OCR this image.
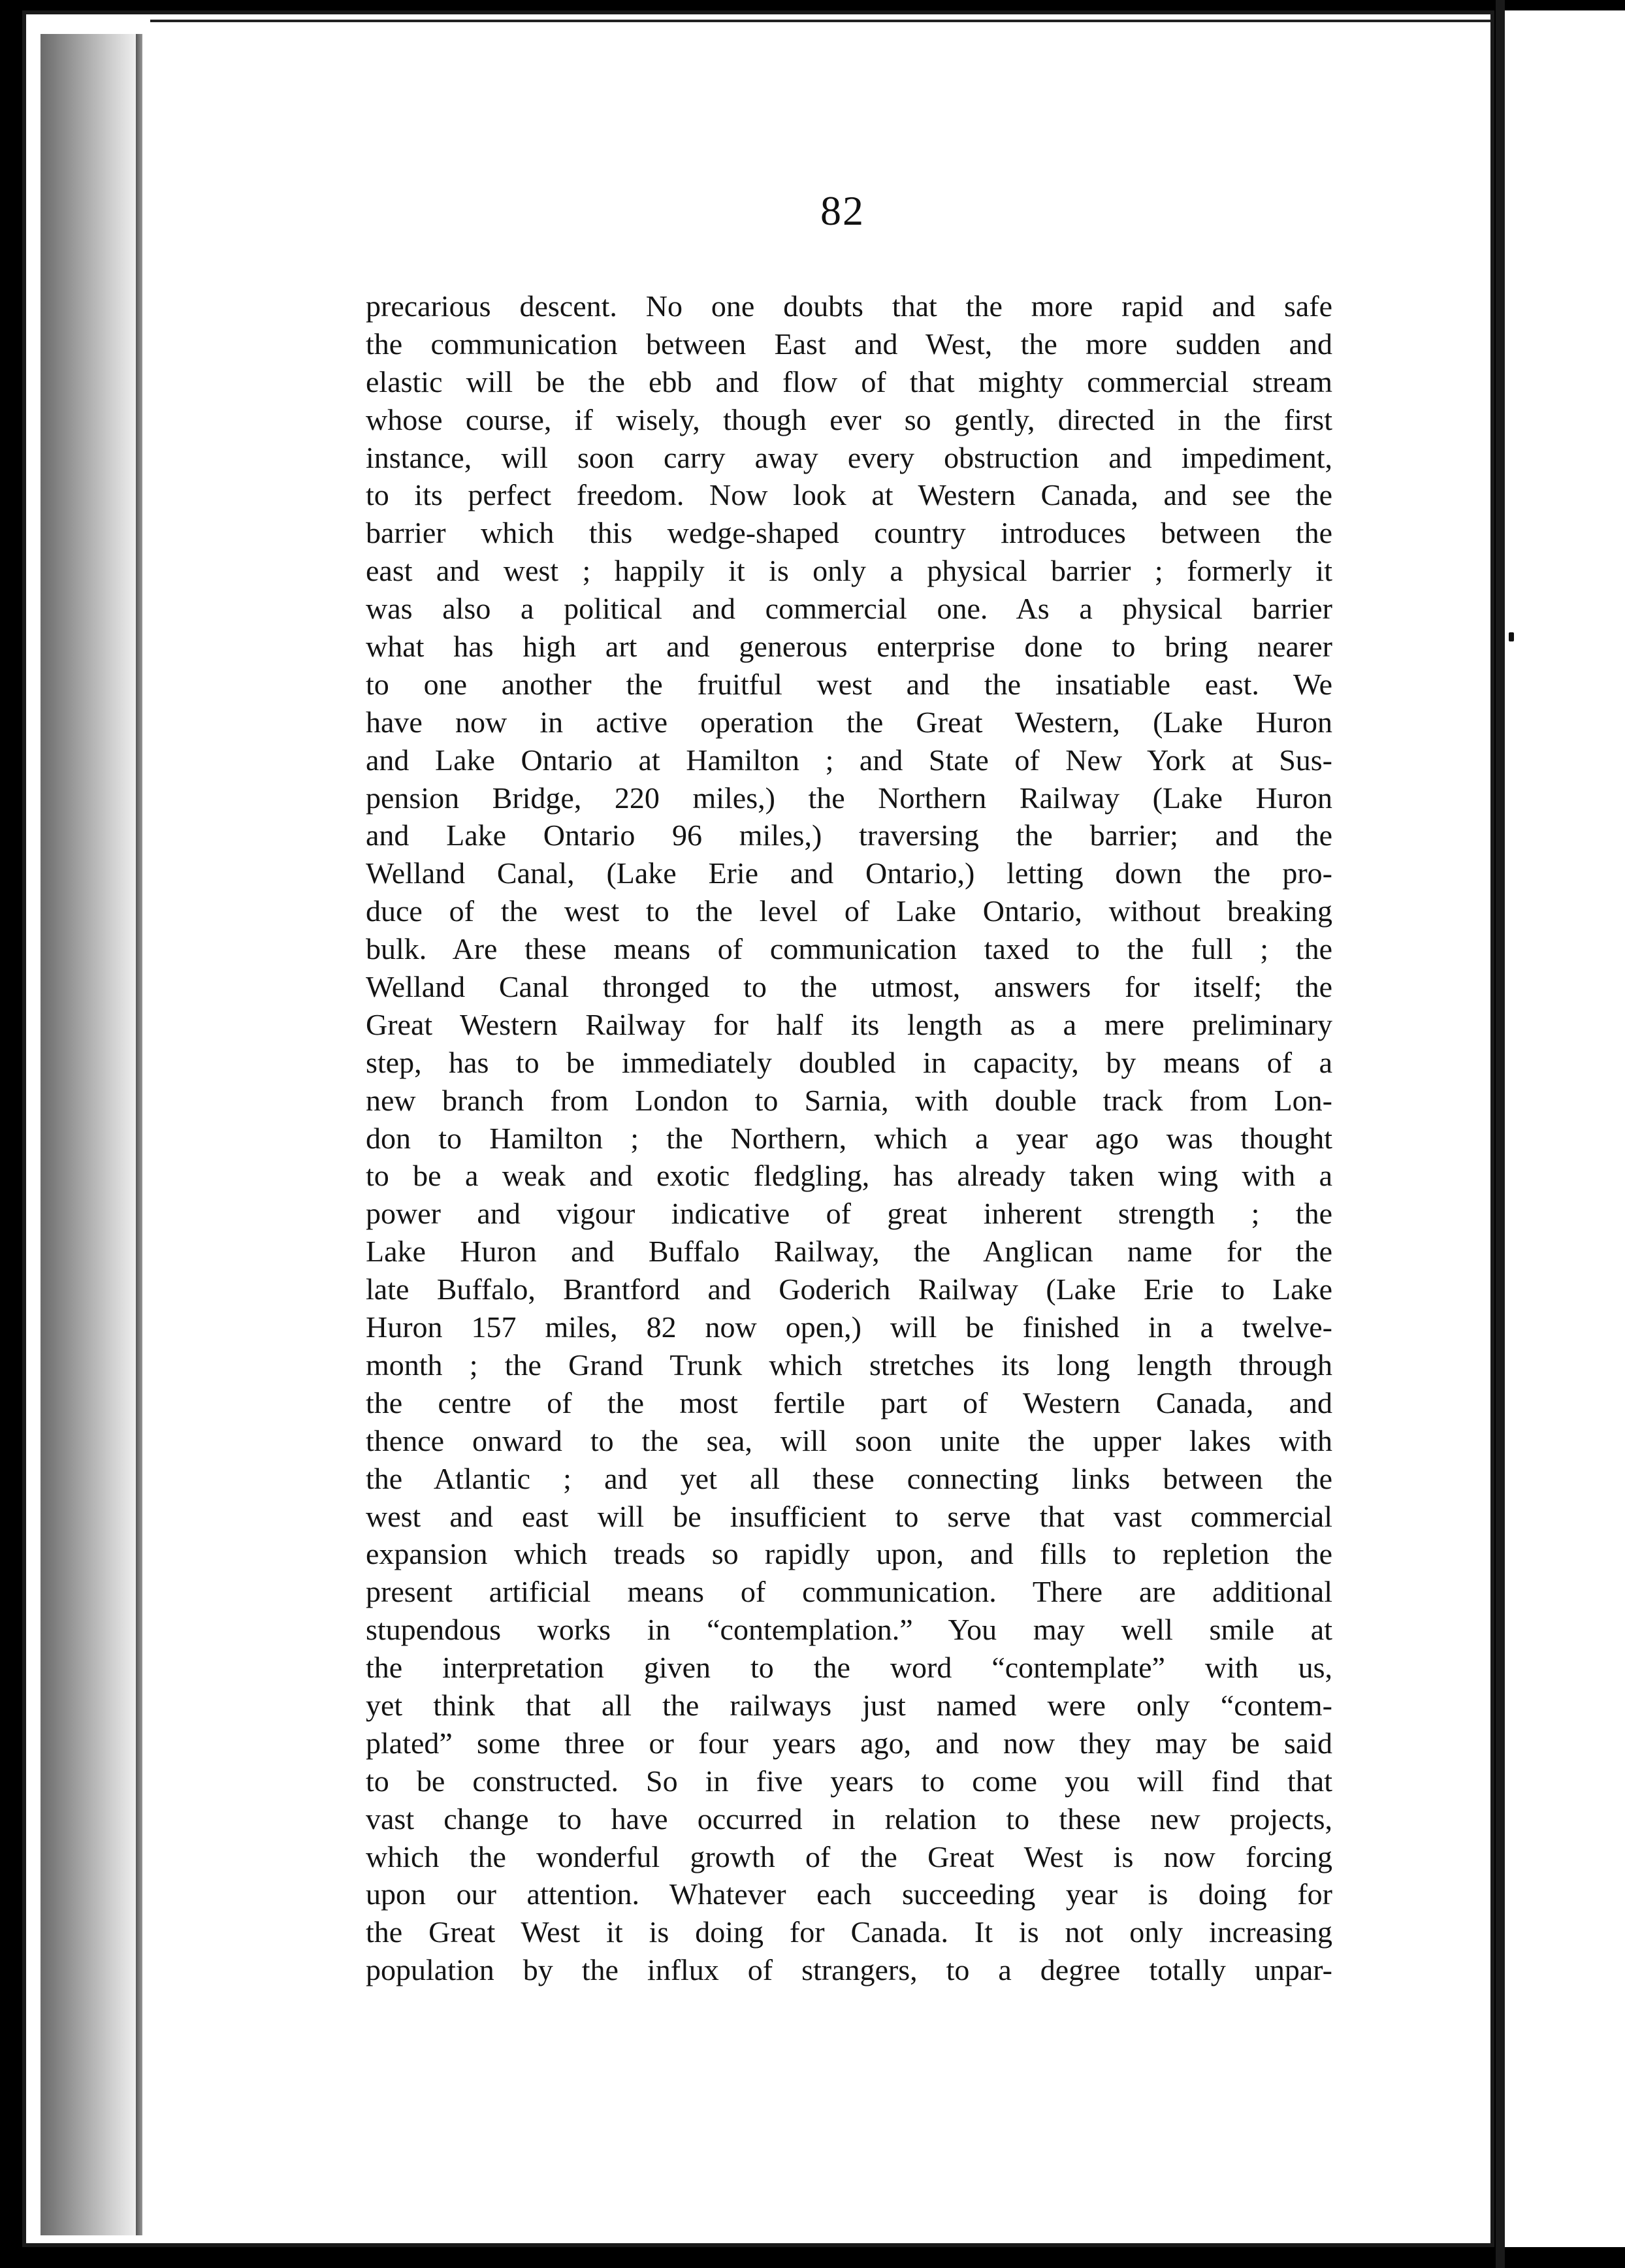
82
precarious descent. No one doubts that the more rapid and safe
the communication between East and West, the more sudden and
elastic will be the ebb and flow of that mighty commercial stream
whose course, if wisely, though ever so gently, directed in the first
instance, will soon carry away every obstruction and impediment,
to its perfect freedom. Now look at Western Canada, and see the
barrier which this wedge-shaped country introduces between the
east and west ; happily it is only a physical barrier ; formerly it
was also a political and commercial one. As a physical barrier
what has high art and generous enterprise done to bring nearer
to one another the fruitful west and the insatiable east. We
have now in active operation the Great Western, (Lake Huron
and Lake Ontario at Hamilton ; and State of New York at Sus-
pension Bridge, 220 miles,) the Northern Railway (Lake Huron
and Lake Ontario 96 miles,) traversing the barrier; and the
Welland Canal, (Lake Erie and Ontario,) letting down the pro-
duce of the west to the level of Lake Ontario, without breaking
bulk. Are these means of communication taxed to the full ; the
Welland Canal thronged to the utmost, answers for itself; the
Great Western Railway for half its length as a mere preliminary
step, has to be immediately doubled in capacity, by means of a
new branch from London to Sarnia, with double track from Lon-
don to Hamilton ; the Northern, which a year ago was thought
to be a weak and exotic fledgling, has already taken wing with a
power and vigour indicative of great inherent strength ; the
Lake Huron and Buffalo Railway, the Anglican name for the
late Buffalo, Brantford and Goderich Railway (Lake Erie to Lake
Huron 157 miles, 82 now open,) will be finished in a twelve-
month ; the Grand Trunk which stretches its long length through
the centre of the most fertile part of Western Canada, and
thence onward to the sea, will soon unite the upper lakes with
the Atlantic ; and yet all these connecting links between the
west and east will be insufficient to serve that vast commercial
expansion which treads so rapidly upon, and fills to repletion the
present artificial means of communication. There are additional
stupendous works in “contemplation.” You may well smile at
the interpretation given to the word “contemplate” with us,
yet think that all the railways just named were only “contem-
plated” some three or four years ago, and now they may be said
to be constructed. So in five years to come you will find that
vast change to have occurred in relation to these new projects,
which the wonderful growth of the Great West is now forcing
upon our attention. Whatever each succeeding year is doing for
the Great West it is doing for Canada. It is not only increasing
population by the influx of strangers, to a degree totally unpar-
